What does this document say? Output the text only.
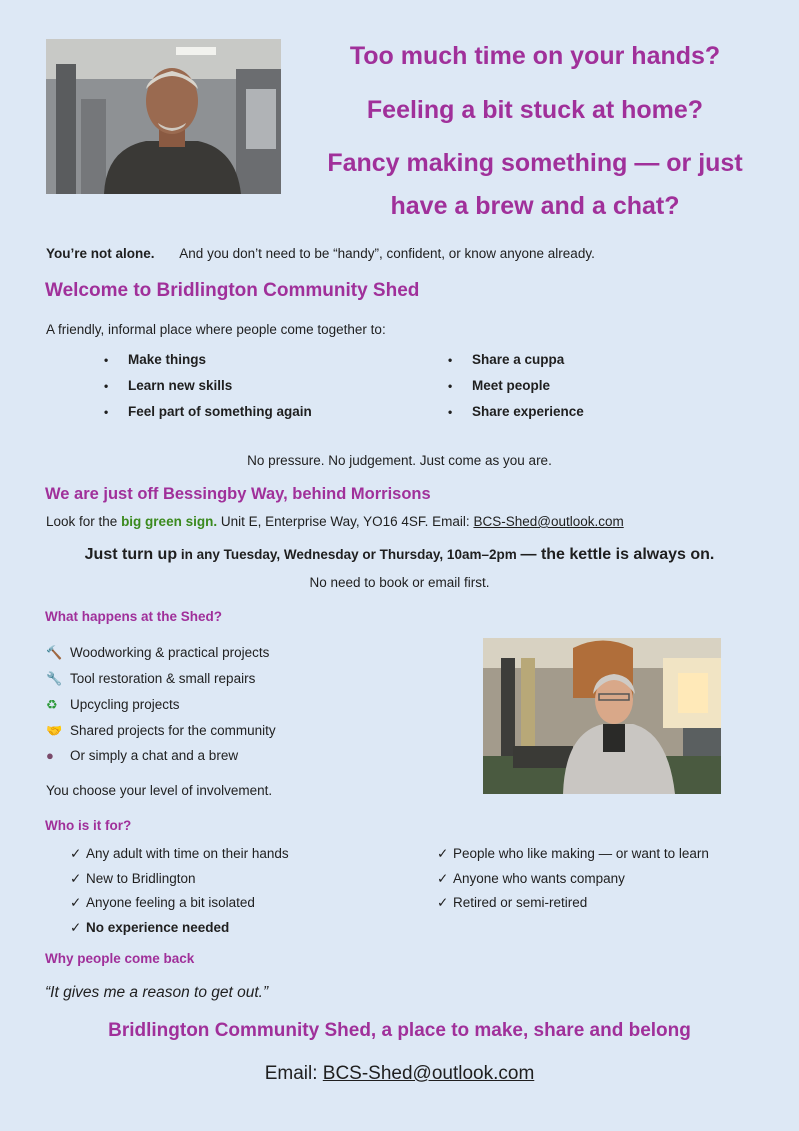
Too much time on your hands?
Feeling a bit stuck at home?
Fancy making something — or just
have a brew and a chat?
You’re not alone. And you don’t need to be “handy”, confident, or know anyone already.
Welcome to Bridlington Community Shed
A friendly, informal place where people come together to:
• Make things
• Learn new skills
• Feel part of something again
• Share a cuppa
• Meet people
• Share experience
No pressure. No judgement. Just come as you are.
We are just off Bessingby Way, behind Morrisons
Look for the big green sign. Unit E, Enterprise Way, YO16 4SF. Email: BCS-Shed@outlook.com
Just turn up in any Tuesday, Wednesday or Thursday, 10am–2pm — the kettle is always on.
No need to book or email first.
What happens at the Shed?
🔨 Woodworking & practical projects
🔧 Tool restoration & small repairs
♻ Upcycling projects
🤝 Shared projects for the community
● Or simply a chat and a brew
You choose your level of involvement.
Who is it for?
✓ Any adult with time on their hands
✓ New to Bridlington
✓ Anyone feeling a bit isolated
✓ No experience needed
✓ People who like making — or want to learn
✓ Anyone who wants company
✓ Retired or semi-retired
Why people come back
“It gives me a reason to get out.”
Bridlington Community Shed, a place to make, share and belong
Email: BCS-Shed@outlook.com
